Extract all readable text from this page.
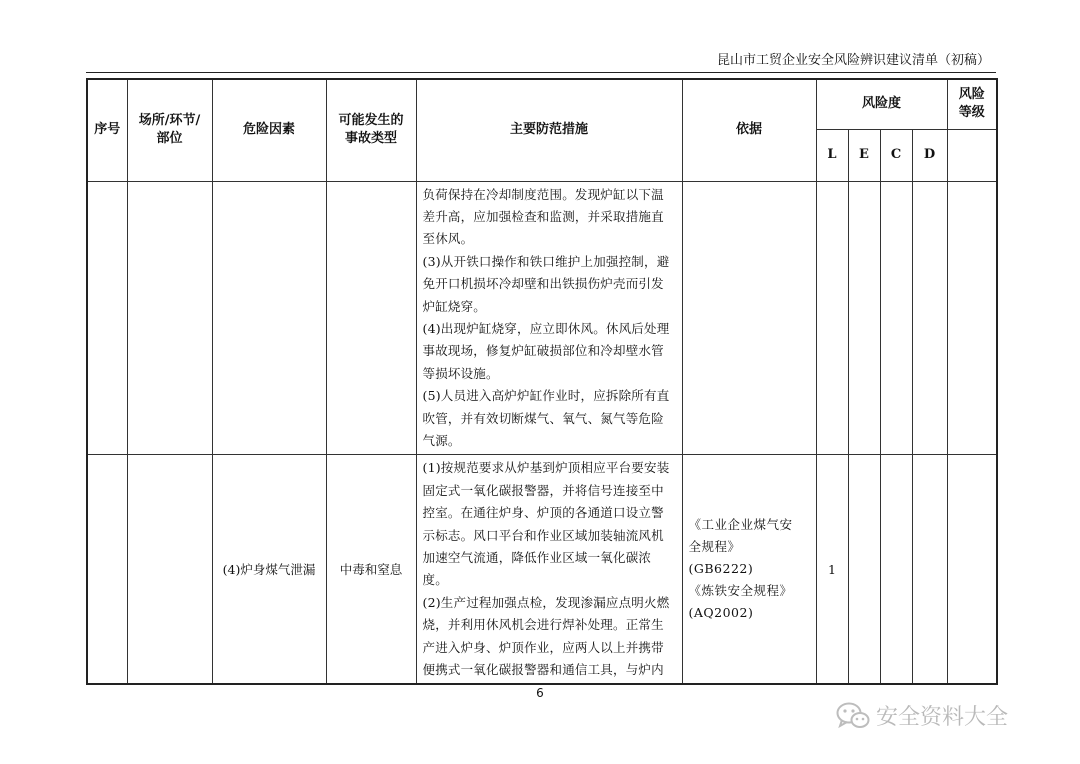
昆山市工贸企业安全风险辨识建议清单（初稿）
序号	场所/环节/部位	危险因素	可能发生的事故类型	主要防范措施	依据	风险度				风险等级
						L	E	C	D	

				负荷保持在冷却制度范围。发现炉缸以下温差升高，应加强检查和监测，并采取措施直至休风。
(3)从开铁口操作和铁口维护上加强控制，避免开口机损坏冷却壁和出铁损伤炉壳而引发炉缸烧穿。
(4)出现炉缸烧穿，应立即休风。休风后处理事故现场，修复炉缸破损部位和冷却壁水管等损坏设施。
(5)人员进入高炉炉缸作业时，应拆除所有直吹管，并有效切断煤气、氧气、氮气等危险气源。						

		(4)炉身煤气泄漏	中毒和窒息	(1)按规范要求从炉基到炉顶相应平台要安装固定式一氧化碳报警器，并将信号连接至中控室。在通往炉身、炉顶的各通道口设立警示标志。风口平台和作业区域加装轴流风机加速空气流通，降低作业区域一氧化碳浓度。
(2)生产过程加强点检，发现渗漏应点明火燃烧，并利用休风机会进行焊补处理。正常生产进入炉身、炉顶作业，应两人以上并携带便携式一氧化碳报警器和通信工具，与炉内	《工业企业煤气安
全规程》
(GB6222)
《炼铁安全规程》
(AQ2002)	1				
6
安全资料大全
